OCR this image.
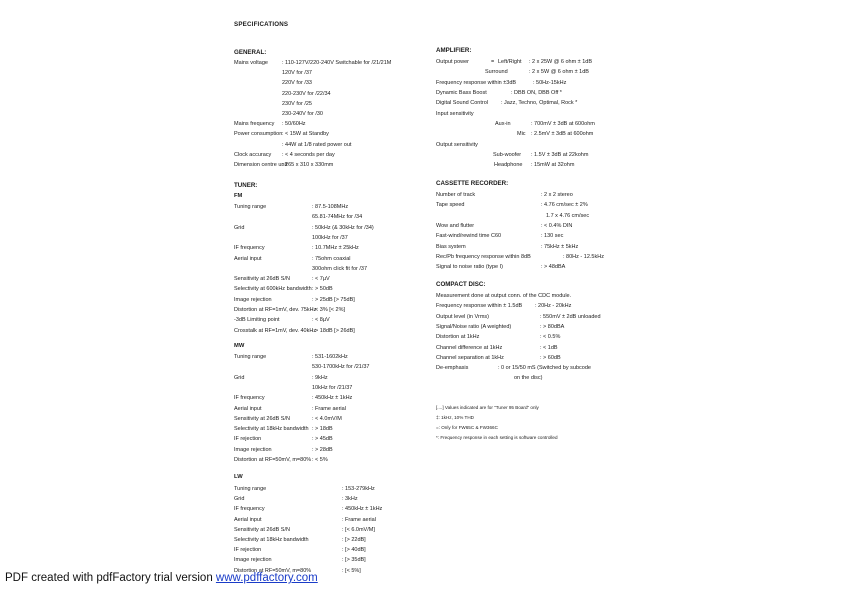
SPECIFICATIONS
GENERAL:
Mains voltage	: 110-127V/220-240V Switchable for /21/21M
120V for /37
220V for /33
220-230V for /22/34
230V for /25
230-240V for /30
Mains frequency : 50/60Hz
Power consumption : < 15W at Standby
: 44W at 1/8 rated power out
Clock accuracy : < 4 seconds per day
Dimension centre unit
: 265 x 310 x 330mm
TUNER:
FM
Tuning range	: 87.5-108MHz
65.81-74MHz for /34
Grid	: 50kHz (& 30kHz for /34)
100kHz for /37
IF frequency	: 10.7MHz ± 25kHz
Aerial input	: 75ohm coaxial
300ohm click fit for /37
Sensitivity at 26dB S/N	: < 7µV
Selectivity at 600kHz bandwidth : > 50dB
Image rejection	: > 25dB [> 75dB]
Distortion at RF=1mV, dev. 75kHz
: < 3% [< 2%]
-3dB Limiting point	: < 8µV
Crosstalk at RF=1mV, dev. 40kHz
: > 18dB [> 26dB]
MW
Tuning range	: 531-1602kHz
530-1700kHz for /21/37
Grid	: 9kHz
10kHz for /21/37
IF frequency	: 450kHz ± 1kHz
Aerial input	: Frame aerial
Sensitivity at 26dB S/N	: < 4.0mV/M
Selectivity at 18kHz bandwidth : > 18dB
IF rejection	: > 45dB
Image rejection	: > 28dB
Distortion at RF=50mV, m=80% : < 5%
LW
Tuning range	: 153-279kHz
Grid	: 3kHz
IF frequency	: 450kHz ± 1kHz
Aerial input	: Frame aerial
Sensitivity at 26dB S/N	: [< 6.0mV/M]
Selectivity at 18kHz bandwidth	: [> 22dB]
IF rejection	: [> 40dB]
Image rejection	: [> 35dB]
Distortion at RF=50mV, m=80%	: [< 5%]
AMPLIFIER:
Output power	= Left/Right : 2 x 25W @ 6 ohm ± 1dB
Surround	: 2 x 5W @ 6 ohm ± 1dB
Frequency response within ±3dB	: 50Hz-15kHz
Dynamic Bass Boost	: DBB ON, DBB Off *
Digital Sound Control : Jazz, Techno, Optimal, Rock *
Input sensitivity
Aux-in	: 700mV ± 3dB at 600ohm
Mic : 2.5mV ± 3dB at 600ohm
Output sensitivity
Sub-woofer : 1.5V ± 3dB at 22kohm
Headphone : 15mW at 32ohm
CASSETTE RECORDER:
Number of track	: 2 x 2 stereo
Tape speed	: 4.76 cm/sec ± 2%
1.7 x 4.76 cm/sec
Wow and flutter	: < 0.4% DIN
Fast-wind/rewind time C60	: 130 sec
Bias system	: 75kHz ± 5kHz
Rec/Pb frequency response within 8dB	: 80Hz - 12.5kHz
Signal to noise ratio (type I)	: > 48dBA
COMPACT DISC:
Measurement done at output conn. of the CDC module.
Frequency response within ± 1.5dB : 20Hz - 20kHz
Output level (in Vrms)	: 550mV ± 2dB unloaded
Signal/Noise ratio (A weighted)	: > 80dBA
Distortion at 1kHz	: < 0.5%
Channel difference at 1kHz	: < 1dB
Channel separation at 1kHz	: > 60dB
De-emphasis	: 0 or 15/50 mS (Switched by subcode
on the disc)
[....] Values indicated are for "Tuner 95 Board" only
‡: 1kHz, 10% THD
=: Only for FW65C & FW366C
*: Frequency response in each setting is software controlled
PDF created with pdfFactory trial version www.pdffactory.com
